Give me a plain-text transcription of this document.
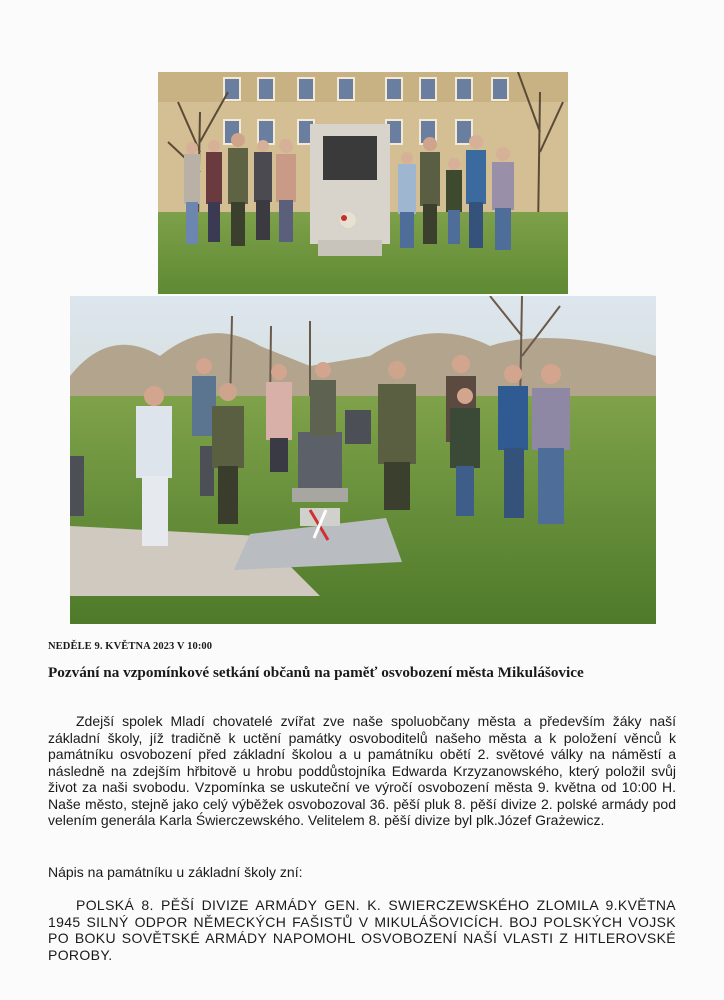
NEDĚLE 9. KVĚTNA 2023 V 10:00
Pozvání na vzpomínkové setkání občanů na paměť osvobození města Mikulášovice
Zdejší spolek Mladí chovatelé zvířat zve naše spoluobčany města a především žáky naší základní školy, jíž tradičně k uctění památky osvoboditelů našeho města a k položení věnců k památníku osvobození před základní školou a u památníku obětí 2. světové války na náměstí a následně na zdejším hřbitově u hrobu poddůstojníka Edwarda Krzyzanowského, který položil svůj život za naši svobodu. Vzpomínka se uskuteční ve výročí osvobození města 9. května od 10:00 H. Naše město, stejně jako celý výběžek osvobozoval 36. pěší pluk 8. pěší divize 2. polské armády pod velením generála Karla Świerczewského. Velitelem 8. pěší divize byl plk.Józef Grażewicz.
Nápis na památníku u základní školy zní:
POLSKÁ 8. PĚŠÍ DIVIZE ARMÁDY GEN. K. SWIERCZEWSKÉHO ZLOMILA 9.KVĚTNA 1945 SILNÝ ODPOR NĚMECKÝCH FAŠISTŮ V MIKULÁŠOVICÍCH. BOJ POLSKÝCH VOJSK PO BOKU SOVĚTSKÉ ARMÁDY NAPOMOHL OSVOBOZENÍ NAŠÍ VLASTI Z HITLEROVSKÉ POROBY.
